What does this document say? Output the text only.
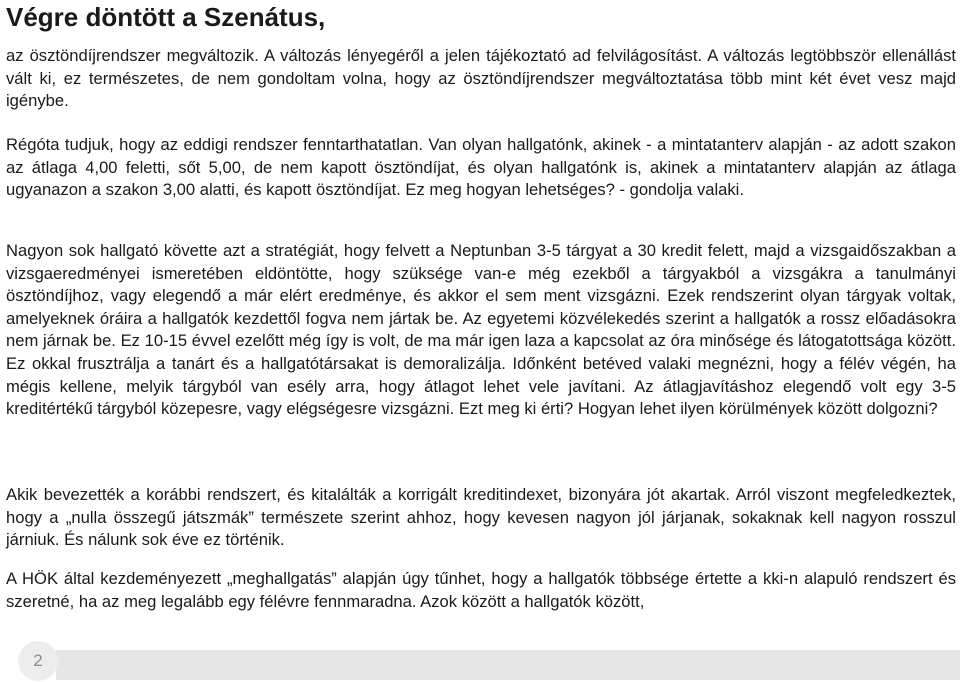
Végre döntött a Szenátus,

az ösztöndíjrendszer megváltozik. A változás lényegéről a jelen tájékoztató ad felvilágosítást. A változás legtöbbször ellenállást vált ki, ez természetes, de nem gondoltam volna, hogy az ösztöndíjrendszer megváltoztatása több mint két évet vesz majd igénybe.

Régóta tudjuk, hogy az eddigi rendszer fenntarthatatlan. Van olyan hallgatónk, akinek - a mintatanterv alapján - az adott szakon az átlaga 4,00 feletti, sőt 5,00, de nem kapott ösztöndíjat, és olyan hallgatónk is, akinek a mintatanterv alapján az átlaga ugyanazon a szakon 3,00 alatti, és kapott ösztöndíjat. Ez meg hogyan lehetséges? - gondolja valaki.

Nagyon sok hallgató követte azt a stratégiát, hogy felvett a Neptunban 3-5 tárgyat a 30 kredit felett, majd a vizsgaidőszakban a vizsgaeredményei ismeretében eldöntötte, hogy szüksége van-e még ezekből a tárgyakból a vizsgákra a tanulmányi ösztöndíjhoz, vagy elegendő a már elért eredménye, és akkor el sem ment vizsgázni. Ezek rendszerint olyan tárgyak voltak, amelyeknek óráira a hallgatók kezdettől fogva nem jártak be. Az egyetemi közvélekedés szerint a hallgatók a rossz előadásokra nem járnak be. Ez 10-15 évvel ezelőtt még így is volt, de ma már igen laza a kapcsolat az óra minősége és látogatottsága között. Ez okkal frusztrálja a tanárt és a hallgatótársakat is demoralizálja. Időnként betéved valaki megnézni, hogy a félév végén, ha mégis kellene, melyik tárgyból van esély arra, hogy átlagot lehet vele javítani. Az átlagjavításhoz elegendő volt egy 3-5 kreditértékű tárgyból közepesre, vagy elégségesre vizsgázni. Ezt meg ki érti? Hogyan lehet ilyen körülmények között dolgozni?

Akik bevezették a korábbi rendszert, és kitalálták a korrigált kreditindexet, bizonyára jót akartak. Arról viszont megfeledkeztek, hogy a „nulla összegű játszmák” természete szerint ahhoz, hogy kevesen nagyon jól járjanak, sokaknak kell nagyon rosszul járniuk. És nálunk sok éve ez történik.

A HÖK által kezdeményezett „meghallgatás” alapján úgy tűnhet, hogy a hallgatók többsége értette a kki-n alapuló rendszert és szeretné, ha az meg legalább egy félévre fennmaradna. Azok között a hallgatók között,

2
